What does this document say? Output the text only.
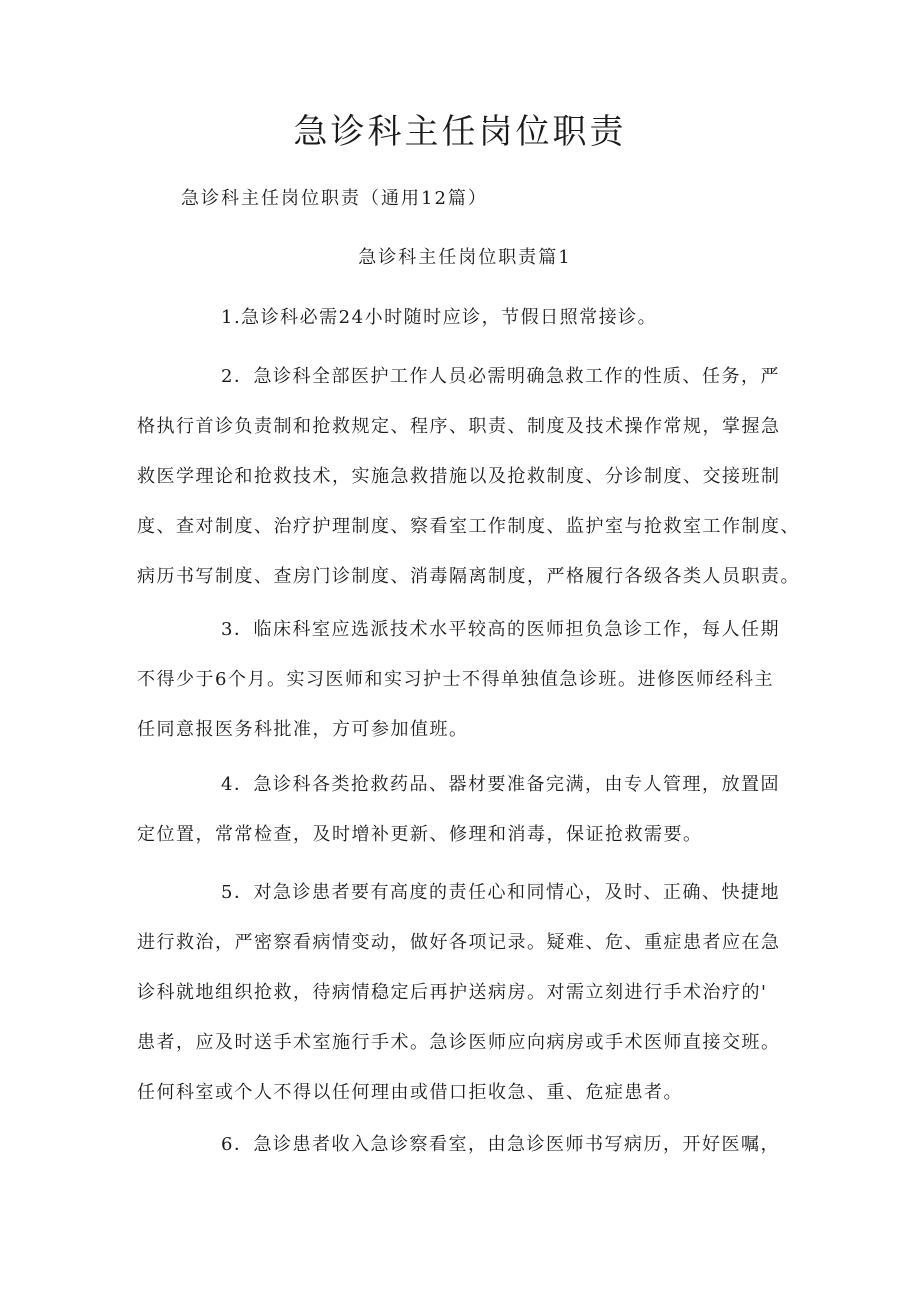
急诊科主任岗位职责

急诊科主任岗位职责（通用12篇）

急诊科主任岗位职责篇1

1.急诊科必需24小时随时应诊，节假日照常接诊。

2．急诊科全部医护工作人员必需明确急救工作的性质、任务，严
格执行首诊负责制和抢救规定、程序、职责、制度及技术操作常规，掌握急
救医学理论和抢救技术，实施急救措施以及抢救制度、分诊制度、交接班制
度、查对制度、治疗护理制度、察看室工作制度、监护室与抢救室工作制度、
病历书写制度、查房门诊制度、消毒隔离制度，严格履行各级各类人员职责。

3．临床科室应选派技术水平较高的医师担负急诊工作，每人任期
不得少于6个月。实习医师和实习护士不得单独值急诊班。进修医师经科主
任同意报医务科批准，方可参加值班。

4．急诊科各类抢救药品、器材要准备完满，由专人管理，放置固
定位置，常常检查，及时增补更新、修理和消毒，保证抢救需要。

5．对急诊患者要有高度的责任心和同情心，及时、正确、快捷地
进行救治，严密察看病情变动，做好各项记录。疑难、危、重症患者应在急
诊科就地组织抢救，待病情稳定后再护送病房。对需立刻进行手术治疗的'
患者，应及时送手术室施行手术。急诊医师应向病房或手术医师直接交班。
任何科室或个人不得以任何理由或借口拒收急、重、危症患者。

6．急诊患者收入急诊察看室，由急诊医师书写病历，开好医嘱，
